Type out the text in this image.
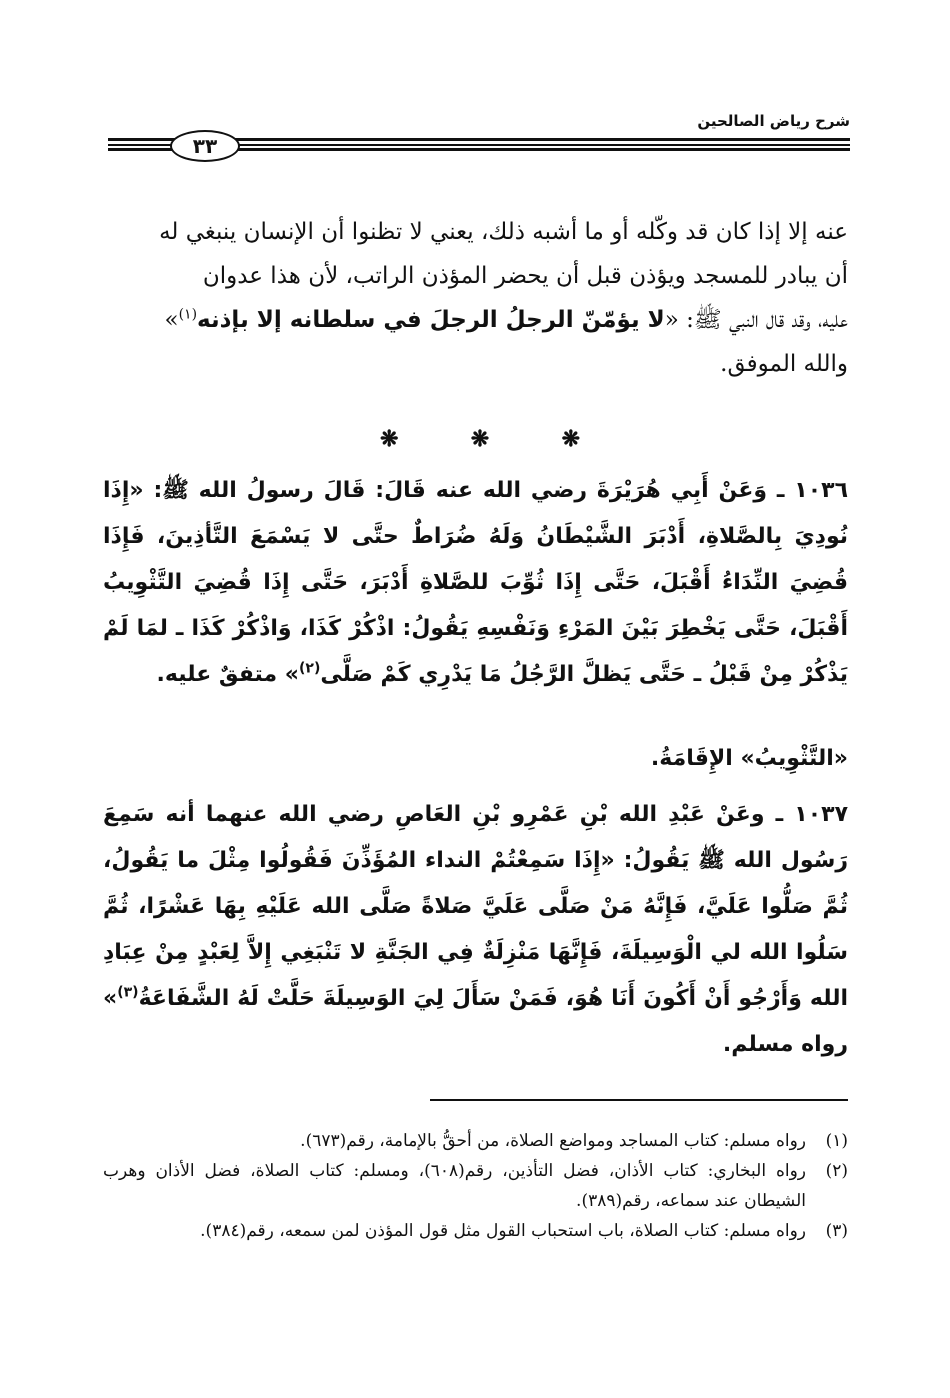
شرح رياض الصالحين
٣٣
عنه إلا إذا كان قد وكّله أو ما أشبه ذلك، يعني لا تظنوا أن الإنسان ينبغي له
أن يبادر للمسجد ويؤذن قبل أن يحضر المؤذن الراتب، لأن هذا عدوان
عليه، وقد قال النبي ﷺ: «لا يؤمّنّ الرجلُ الرجلَ في سلطانه إلا بإذنه$^{(١)}$»
والله الموفق.
❋	❋	❋
١٠٣٦ ـ وَعَنْ أَبِي هُرَيْرَةَ رضي الله عنه قَالَ: قَالَ رسولُ الله ﷺ: «إِذَا نُودِيَ بِالصَّلاةِ، أَدْبَرَ الشَّيْطَانُ وَلَهُ ضُرَاطٌ حتَّى لا يَسْمَعَ التَّأذِينَ، فَإِذَا قُضِيَ النِّدَاءُ أَقْبَلَ، حَتَّى إِذَا ثُوِّبَ للصَّلاةِ أَدْبَرَ، حَتَّى إِذَا قُضِيَ التَّثْوِيبُ أَقْبَلَ، حَتَّى يَخْطِرَ بَيْنَ المَرْءِ وَنَفْسِهِ يَقُولُ: اذْكُرْ كَذَا، وَاذْكُرْ كَذَا ـ لمَا لَمْ يَذْكُرْ مِنْ قَبْلُ ـ حَتَّى يَظلَّ الرَّجُلُ مَا يَدْرِي كَمْ صَلَّى$^{(٢)}$» متفقٌ عليه.
«التَّثْوِيبُ» الإِقَامَةُ.
١٠٣٧ ـ وعَنْ عَبْدِ الله بْنِ عَمْرِو بْنِ العَاصِ رضي الله عنهما أنه سَمِعَ رَسُول الله ﷺ يَقُولُ: «إِذَا سَمِعْتُمْ النداء المُؤَذِّنَ فَقُولُوا مِثْلَ ما يَقُولُ، ثُمَّ صَلُّوا عَلَيَّ، فَإِنَّهُ مَنْ صَلَّى عَلَيَّ صَلاةً صَلَّى الله عَلَيْهِ بِهَا عَشْرًا، ثُمَّ سَلُوا الله لي الْوَسِيلَةَ، فَإِنَّهَا مَنْزِلَةٌ فِي الجَنَّةِ لا تَنْبَغِي إِلاَّ لِعَبْدٍ مِنْ عِبَادِ الله وَأَرْجُو أَنْ أَكُونَ أَنَا هُوَ، فَمَنْ سَأَلَ لِيَ الوَسِيلَةَ حَلَّتْ لَهُ الشَّفَاعَةُ$^{(٣)}$» رواه مسلم.
(١)
رواه مسلم: كتاب المساجد ومواضع الصلاة، من أحقُّ بالإمامة، رقم(٦٧٣).
(٢)
رواه البخاري: كتاب الأذان، فضل التأذين، رقم(٦٠٨)، ومسلم: كتاب الصلاة، فضل الأذان وهرب الشيطان عند سماعه، رقم(٣٨٩).
(٣)
رواه مسلم: كتاب الصلاة، باب استحباب القول مثل قول المؤذن لمن سمعه، رقم(٣٨٤).
